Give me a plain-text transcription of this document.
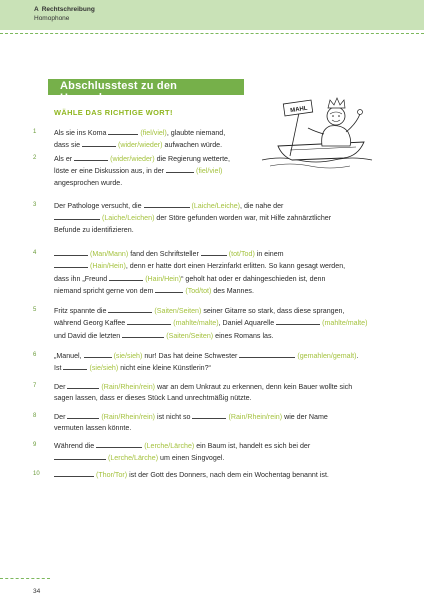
A Rechtschreibung
Homophone
Abschlusstest zu den Homophonen
WÄHLE DAS RICHTIGE WORT!	MAHL
1 Als sie ins Koma	(fiel/viel), glaubte niemand,
dass sie	(wider/wieder) aufwachen würde.
2 Als er	(wider/wieder) die Regierung wetterte,
löste er eine Diskussion aus, in der	(fiel/viel)
angesprochen wurde.
3 Der Pathologe versucht, die	(Laiche/Leiche), die nahe der
(Laiche/Leichen) der Störe gefunden worden war, mit Hilfe zahnärztlicher
Befunde zu identifizieren.
4	(Man/Mann) fand den Schriftsteller	(tot/Tod) in einem
(Hain/Hein), denn er hatte dort einen Herzinfarkt erlitten. So kann gesagt werden,
dass ihn „Freund	(Hain/Hein)“ geholt hat oder er dahingeschieden ist, denn
niemand spricht gerne von dem	(Tod/tot) des Mannes.
5 Fritz spannte die	(Saiten/Seiten) seiner Gitarre so stark, dass diese sprangen,
während Georg Kaffee	(mahlte/malte), Daniel Aquarelle	(mahlte/malte)
und David die letzten	(Saiten/Seiten) eines Romans las.
6 „Manuel,	(sie/sieh) nur! Das hat deine Schwester	(gemahlen/gemalt).
Ist	(sie/sieh) nicht eine kleine Künstlerin?“
7 Der	(Rain/Rhein/rein) war an dem Unkraut zu erkennen, denn kein Bauer wollte sich
sagen lassen, dass er dieses Stück Land unrechtmäßig nützte.
8 Der	(Rain/Rhein/rein) ist nicht so	(Rain/Rhein/rein) wie der Name
vermuten lassen könnte.
9 Während die	(Lerche/Lärche) ein Baum ist, handelt es sich bei der
(Lerche/Lärche) um einen Singvogel.
10	(Thor/Tor) ist der Gott des Donners, nach dem ein Wochentag benannt ist.
34
